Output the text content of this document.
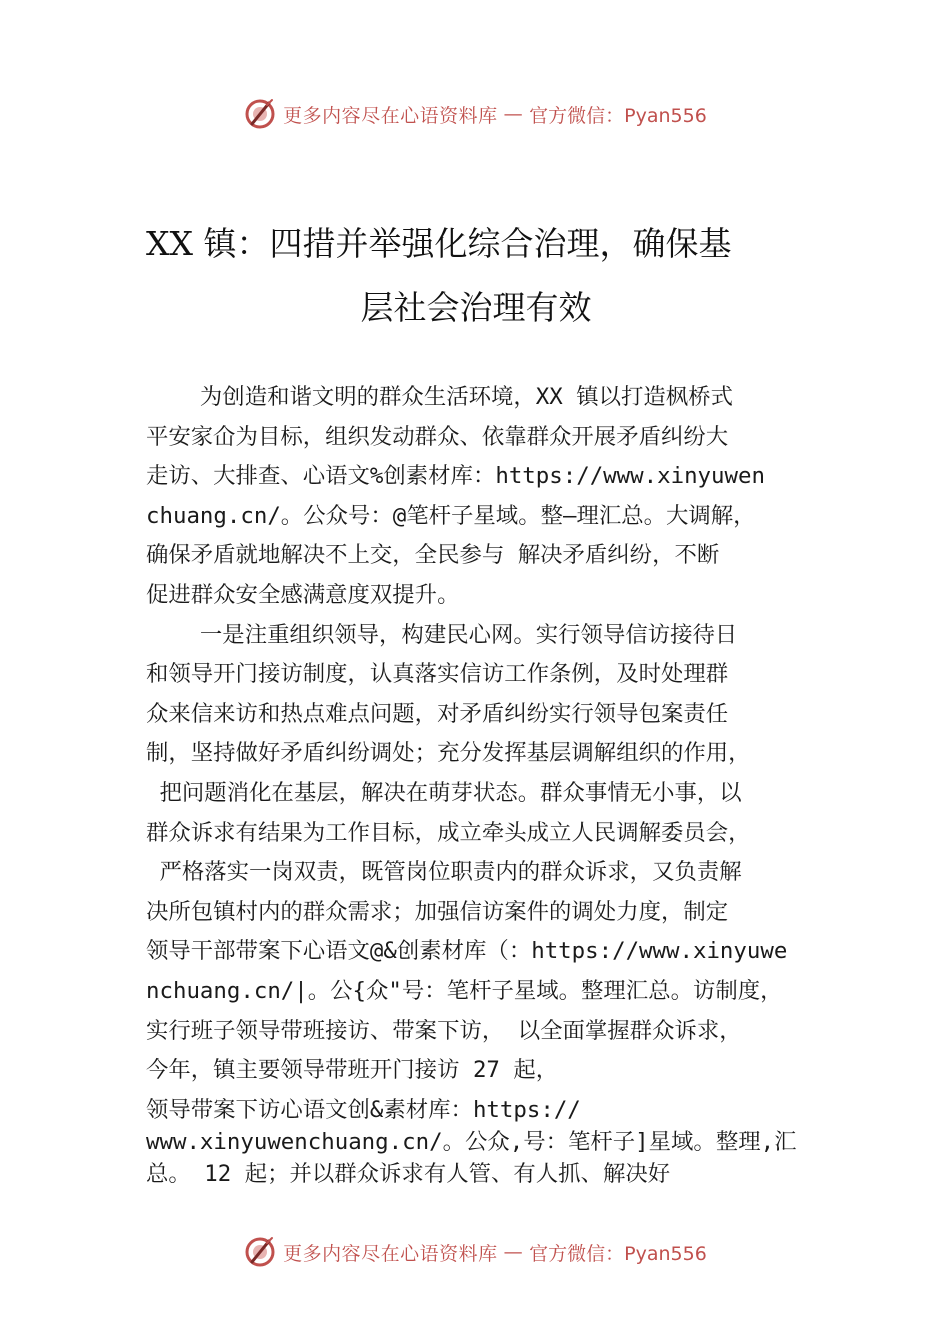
更多内容尽在心语资料库 — 官方微信：Pyan556
XX 镇：四措并举强化综合治理，确保基
层社会治理有效
为创造和谐文明的群众生活环境，XX 镇以打造枫桥式
平安家仚为目标，组织发动群众、依靠群众开展矛盾纠纷大
走访、大排查、心语文%创素材库：https://www.xinyuwen
chuang.cn/。公众号：@笔杆子星域。整—理汇总。大调解，
确保矛盾就地解决不上交，全民参与 解决矛盾纠纷，不断
促进群众安全感满意度双提升。
一是注重组织领导，构建民心网。实行领导信访接待日
和领导开门接访制度，认真落实信访工作条例，及时处理群
众来信来访和热点难点问题，对矛盾纠纷实行领导包案责任
制，坚持做好矛盾纠纷调处；充分发挥基层调解组织的作用，
把问题消化在基层，解决在萌芽状态。群众事情无小事，以
群众诉求有结果为工作目标，成立牵头成立人民调解委员会，
严格落实一岗双责，既管岗位职责内的群众诉求，又负责解
决所包镇村内的群众需求；加强信访案件的调处力度，制定
领导干部带案下心语文@&创素材库（：https://www.xinyuwe
nchuang.cn/|。公{众"号：笔杆子星域。整理汇总。访制度，
实行班子领导带班接访、带案下访， 以全面掌握群众诉求，
今年，镇主要领导带班开门接访 27 起，
领导带案下访心语文创&素材库：https://
www.xinyuwenchuang.cn/。公众,号：笔杆子]星域。整理,汇
总。 12 起；并以群众诉求有人管、有人抓、解决好
更多内容尽在心语资料库 — 官方微信：Pyan556
